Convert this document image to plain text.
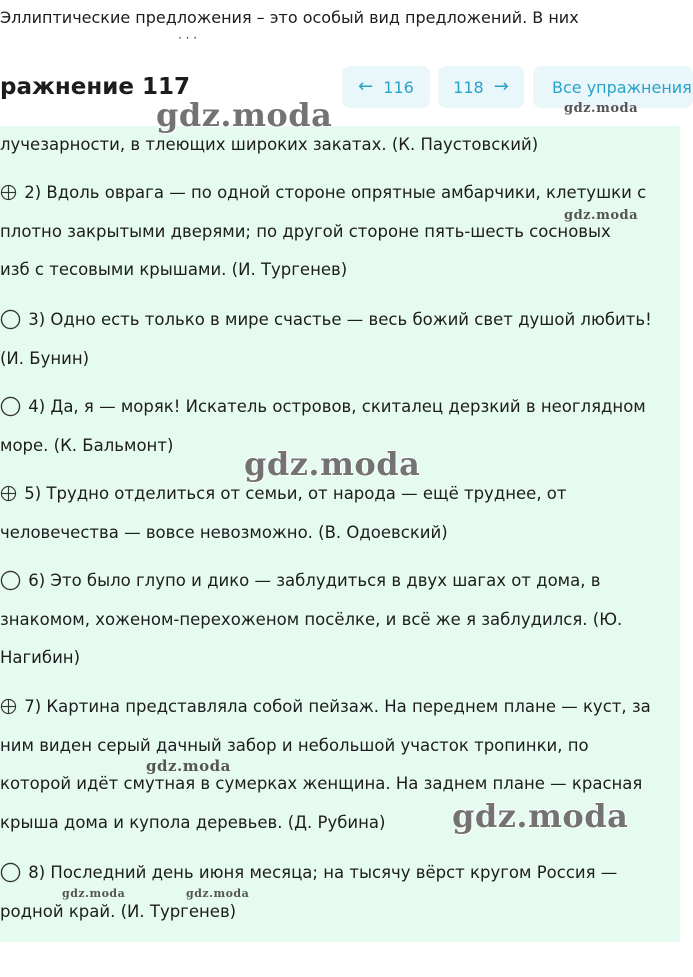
Эллиптические предложения – это особый вид предложений. В них
· · ·
ражнение 117	← 116 118 →	Все упражнения
лучезарности, в тлеющих широких закатах. (К. Паустовский)
2) Вдоль оврага — по одной стороне опрятные амбарчики, клетушки с
плотно закрытыми дверями; по другой стороне пять-шесть сосновых
изб с тесовыми крышами. (И. Тургенев)
3) Одно есть только в мире счастье — весь божий свет душой любить!
(И. Бунин)
4) Да, я — моряк! Искатель островов, скиталец дерзкий в неоглядном
море. (К. Бальмонт)
5) Трудно отделиться от семьи, от народа — ещё труднее, от
человечества — вовсе невозможно. (В. Одоевский)
6) Это было глупо и дико — заблудиться в двух шагах от дома, в
знакомом, хоженом-перехоженом посёлке, и всё же я заблудился. (Ю.
Нагибин)
7) Картина представляла собой пейзаж. На переднем плане — куст, за
ним виден серый дачный забор и небольшой участок тропинки, по
которой идёт смутная в сумерках женщина. На заднем плане — красная
крыша дома и купола деревьев. (Д. Рубина)
8) Последний день июня месяца; на тысячу вёрст кругом Россия —
родной край. (И. Тургенев)
gdz.moda	gdz.moda
gdz.moda
gdz.moda
gdz.moda
gdz.moda
gdz.moda	gdz.moda
